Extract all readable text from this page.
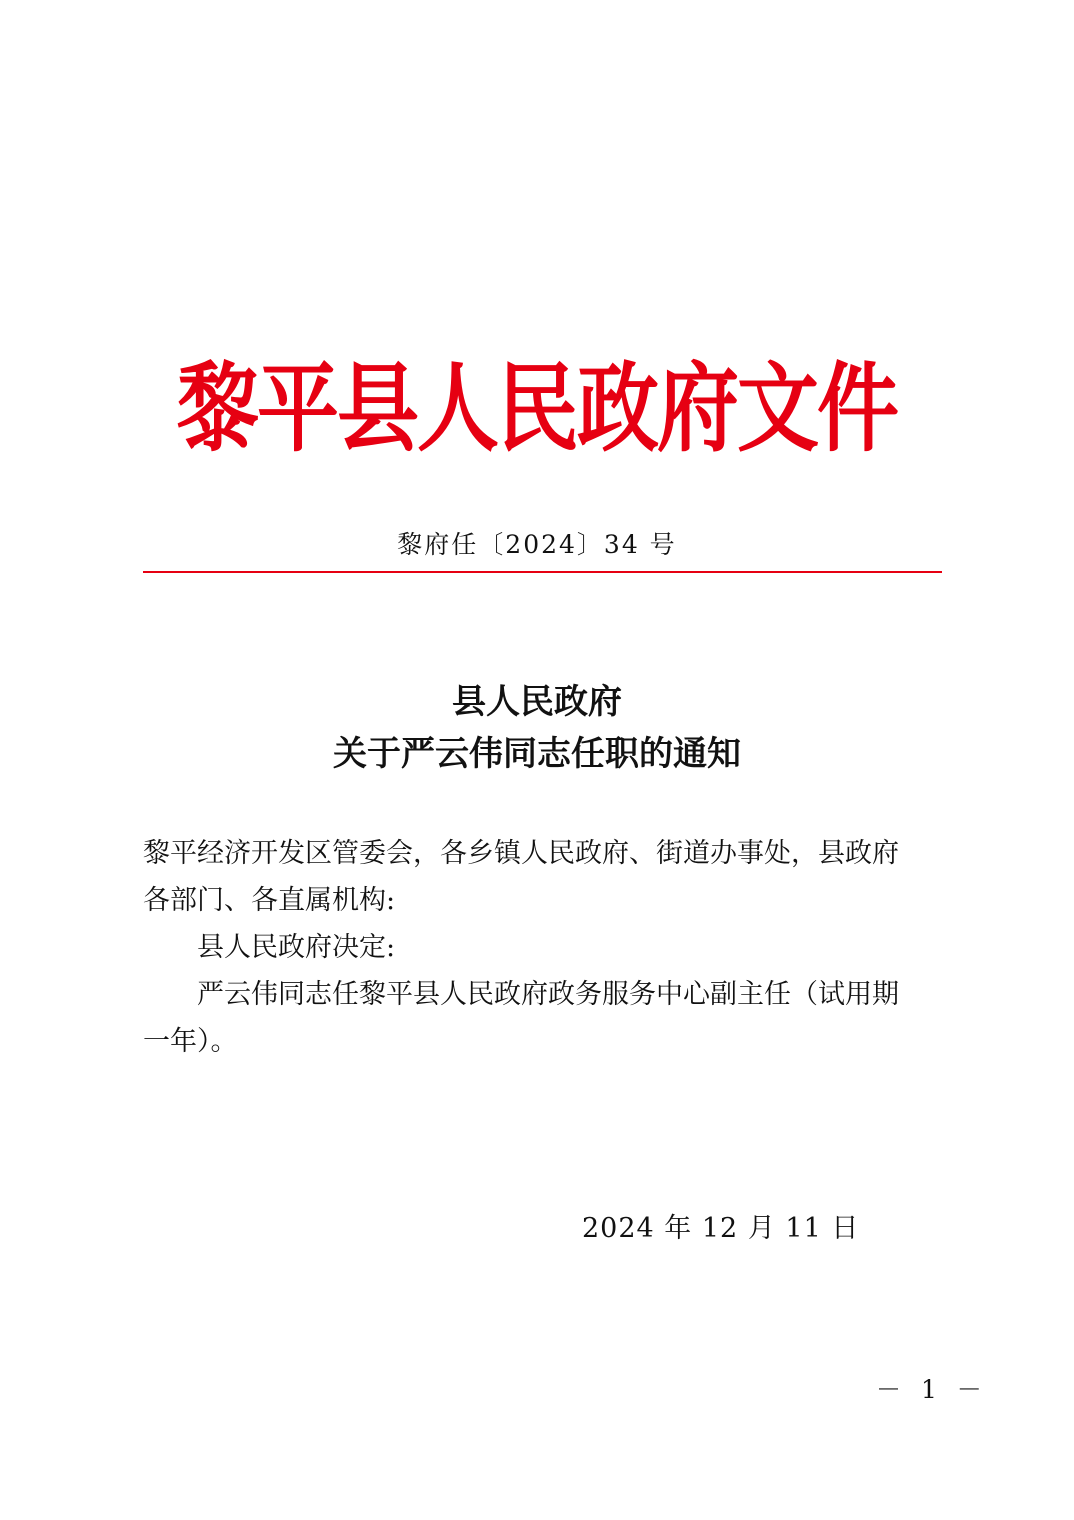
黎平县人民政府文件
黎府任〔2024〕34 号
县人民政府
关于严云伟同志任职的通知
黎平经济开发区管委会，各乡镇人民政府、街道办事处，县政府
各部门、各直属机构:
县人民政府决定:
严云伟同志任黎平县人民政府政务服务中心副主任（试用期
一年）。
2024 年 12 月 11 日
－ 1 －
